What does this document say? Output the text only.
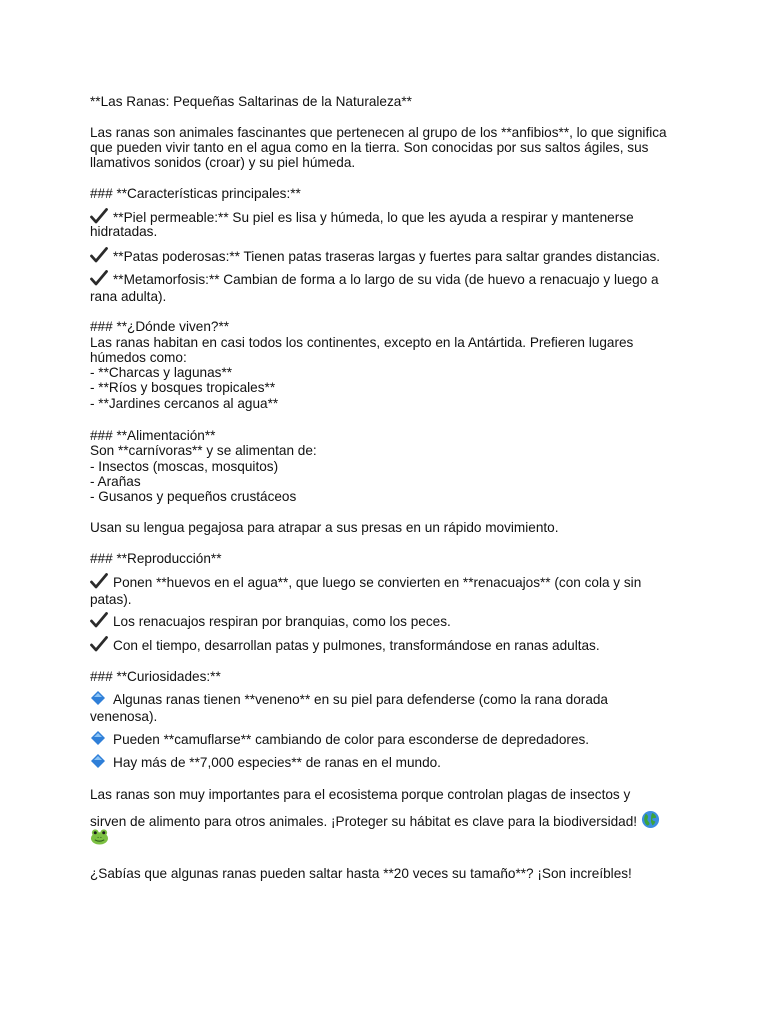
**Las Ranas: Pequeñas Saltarinas de la Naturaleza**
Las ranas son animales fascinantes que pertenecen al grupo de los **anfibios**, lo que significa
que pueden vivir tanto en el agua como en la tierra. Son conocidas por sus saltos ágiles, sus
llamativos sonidos (croar) y su piel húmeda.
### **Características principales:**
**Piel permeable:** Su piel es lisa y húmeda, lo que les ayuda a respirar y mantenerse
hidratadas.
**Patas poderosas:** Tienen patas traseras largas y fuertes para saltar grandes distancias.
**Metamorfosis:** Cambian de forma a lo largo de su vida (de huevo a renacuajo y luego a
rana adulta).
### **¿Dónde viven?**
Las ranas habitan en casi todos los continentes, excepto en la Antártida. Prefieren lugares
húmedos como:
- **Charcas y lagunas**
- **Ríos y bosques tropicales**
- **Jardines cercanos al agua**
### **Alimentación**
Son **carnívoras** y se alimentan de:
- Insectos (moscas, mosquitos)
- Arañas
- Gusanos y pequeños crustáceos
Usan su lengua pegajosa para atrapar a sus presas en un rápido movimiento.
### **Reproducción**
Ponen **huevos en el agua**, que luego se convierten en **renacuajos** (con cola y sin
patas).
Los renacuajos respiran por branquias, como los peces.
Con el tiempo, desarrollan patas y pulmones, transformándose en ranas adultas.
### **Curiosidades:**
Algunas ranas tienen **veneno** en su piel para defenderse (como la rana dorada
venenosa).
Pueden **camuflarse** cambiando de color para esconderse de depredadores.
Hay más de **7,000 especies** de ranas en el mundo.
Las ranas son muy importantes para el ecosistema porque controlan plagas de insectos y
sirven de alimento para otros animales. ¡Proteger su hábitat es clave para la biodiversidad!
¿Sabías que algunas ranas pueden saltar hasta **20 veces su tamaño**? ¡Son increíbles!
